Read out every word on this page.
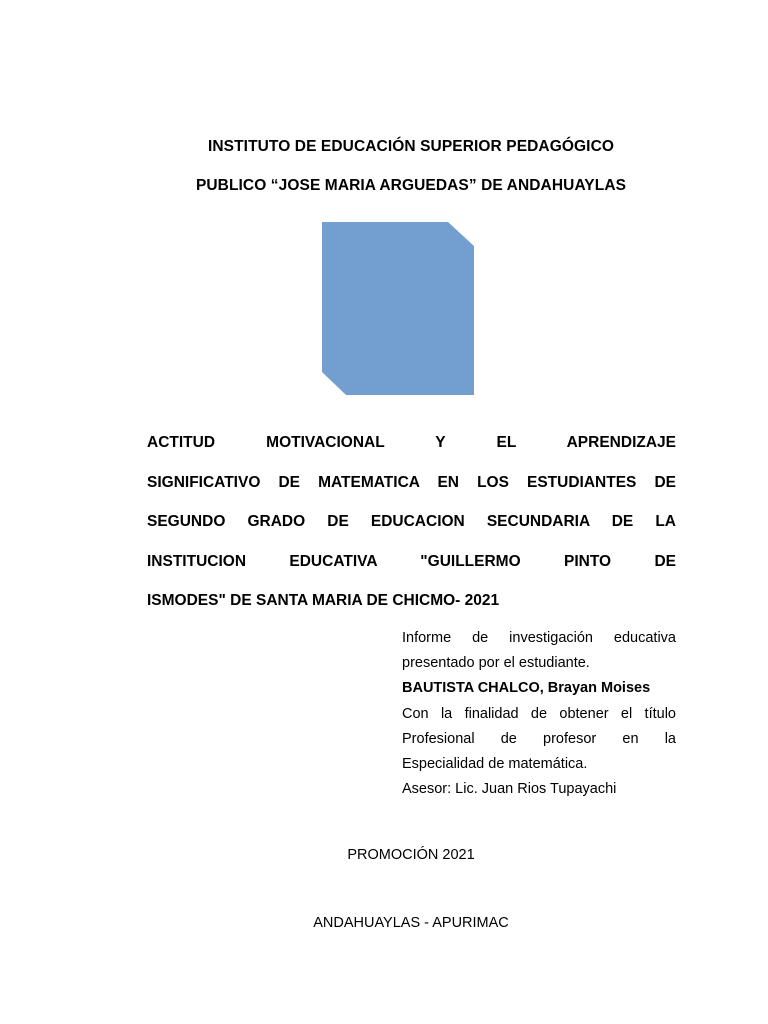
INSTITUTO DE EDUCACIÓN SUPERIOR PEDAGÓGICO
PUBLICO “JOSE MARIA ARGUEDAS” DE ANDAHUAYLAS
ACTITUD MOTIVACIONAL Y EL APRENDIZAJE
SIGNIFICATIVO DE MATEMATICA EN LOS ESTUDIANTES DE
SEGUNDO GRADO DE EDUCACION SECUNDARIA DE LA
INSTITUCION EDUCATIVA "GUILLERMO PINTO DE
ISMODES" DE SANTA MARIA DE CHICMO- 2021
Informe de investigación educativa
presentado por el estudiante.
BAUTISTA CHALCO, Brayan Moises
Con la finalidad de obtener el título
Profesional de profesor en la
Especialidad de matemática.
Asesor: Lic. Juan Rios Tupayachi
PROMOCIÓN 2021
ANDAHUAYLAS - APURIMAC
